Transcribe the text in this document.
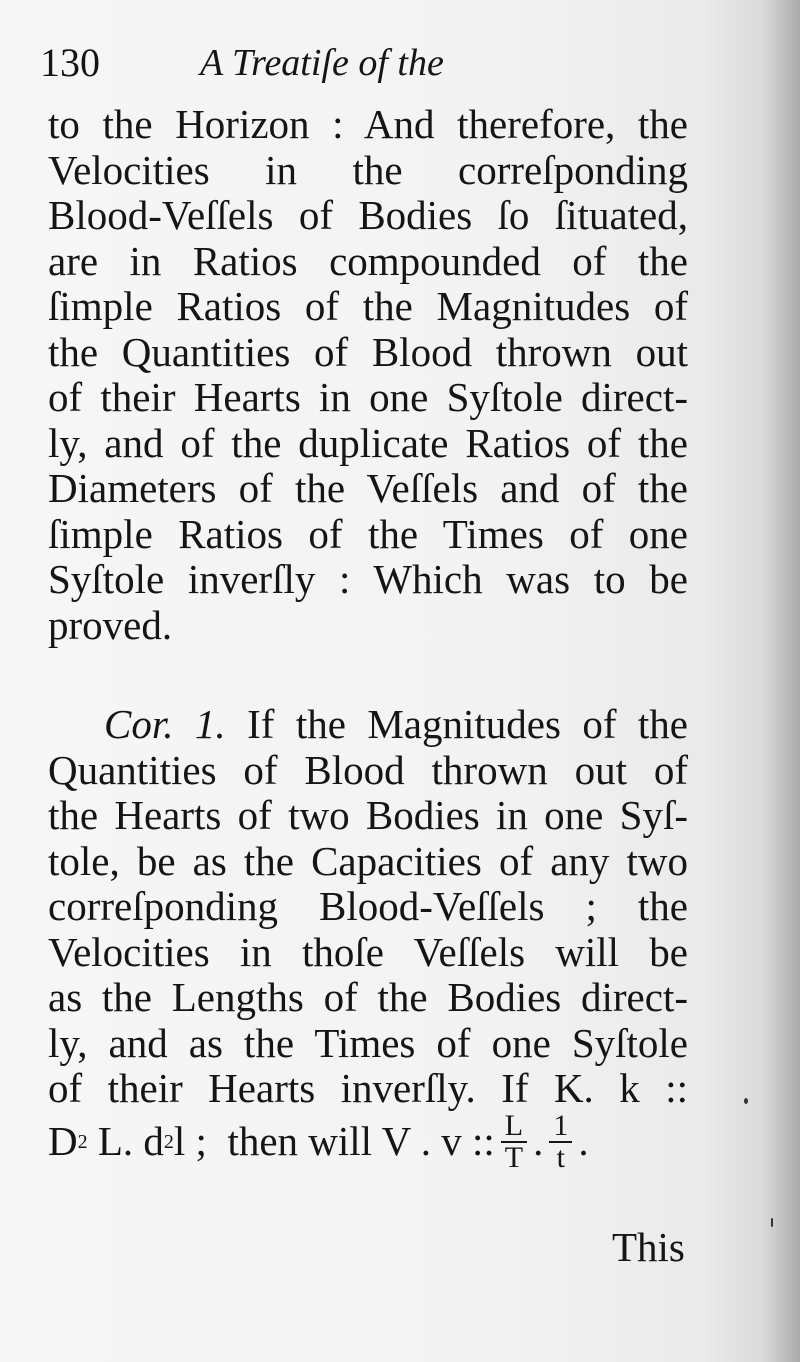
130	A Treatiſe of the
to the Horizon : And therefore, the
Velocities in the correſponding
Blood-Veſſels of Bodies ſo ſituated,
are in Ratios compounded of the
ſimple Ratios of the Magnitudes of
the Quantities of Blood thrown out
of their Hearts in one Syſtole direct-
ly, and of the duplicate Ratios of the
Diameters of the Veſſels and of the
ſimple Ratios of the Times of one
Syſtole inverſly : Which was to be
proved.
Cor. 1. If the Magnitudes of the
Quantities of Blood thrown out of
the Hearts of two Bodies in one Syſ-
tole, be as the Capacities of any two
correſponding Blood-Veſſels ; the
Velocities in thoſe Veſſels will be
as the Lengths of the Bodies direct-
ly, and as the Times of one Syſtole
of their Hearts inverſly. If K. k ::
D 2
L. d 2 l ;
then will V . v :: $\frac{L}{T}$ . $\frac{1}{t}$ .
This
